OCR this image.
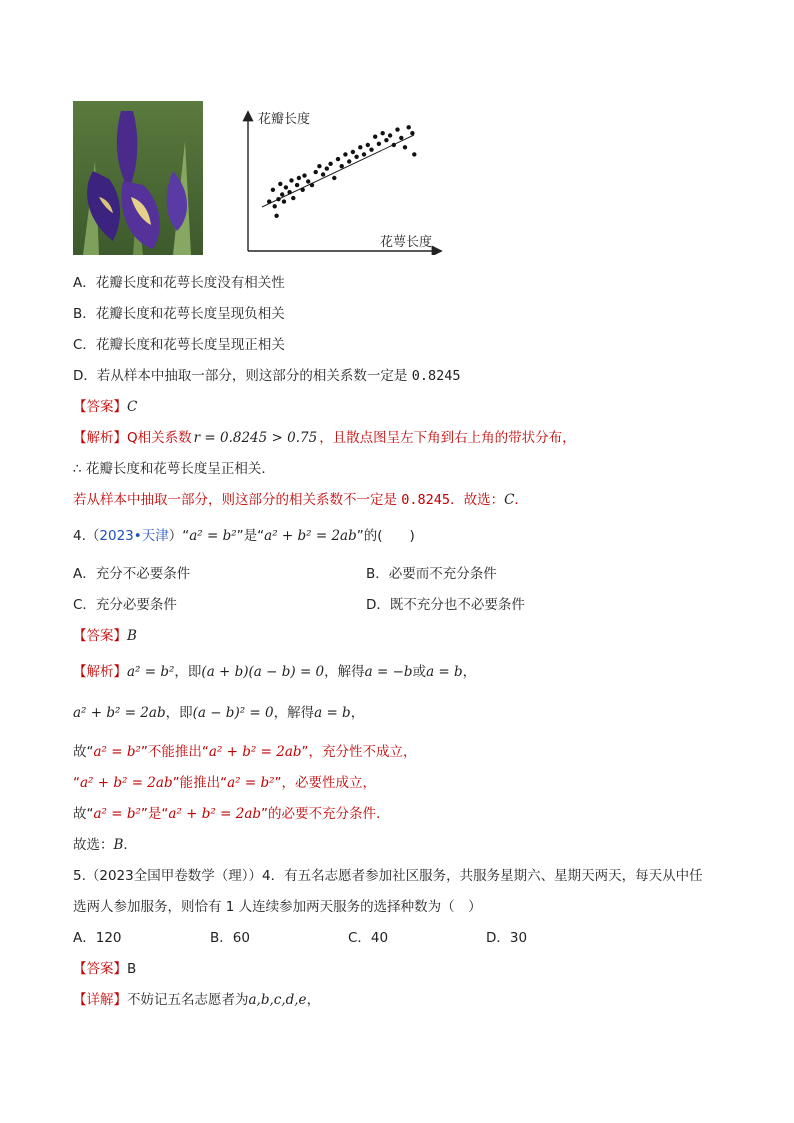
花瓣长度
花萼长度
A．花瓣长度和花萼长度没有相关性
B．花瓣长度和花萼长度呈现负相关
C．花瓣长度和花萼长度呈现正相关
D．若从样本中抽取一部分，则这部分的相关系数一定是 0.8245
【答案】C
【解析】Q相关系数 r = 0.8245 > 0.75 ，且散点图呈左下角到右上角的带状分布，
∴ 花瓣长度和花萼长度呈正相关．
若从样本中抽取一部分，则这部分的相关系数不一定是 0.8245．故选：C．
4.（2023•天津）“a² = b²”是“a² + b² = 2ab”的(　　)
A．充分不必要条件	B．必要而不充分条件
C．充分必要条件	D．既不充分也不必要条件
【答案】B
【解析】a² = b²，即(a + b)(a − b) = 0，解得a = −b或a = b，
a² + b² = 2ab，即(a − b)² = 0，解得a = b，
故“a² = b²”不能推出“a² + b² = 2ab”，充分性不成立，
“a² + b² = 2ab”能推出“a² = b²”，必要性成立，
故“a² = b²”是“a² + b² = 2ab”的必要不充分条件.
故选：B．
5.（2023全国甲卷数学（理））4．有五名志愿者参加社区服务，共服务星期六、星期天两天，每天从中任
选两人参加服务，则恰有 1 人连续参加两天服务的选择种数为（　）
A．120	B．60	C．40	D．30
【答案】B
【详解】不妨记五名志愿者为a,b,c,d,e，
